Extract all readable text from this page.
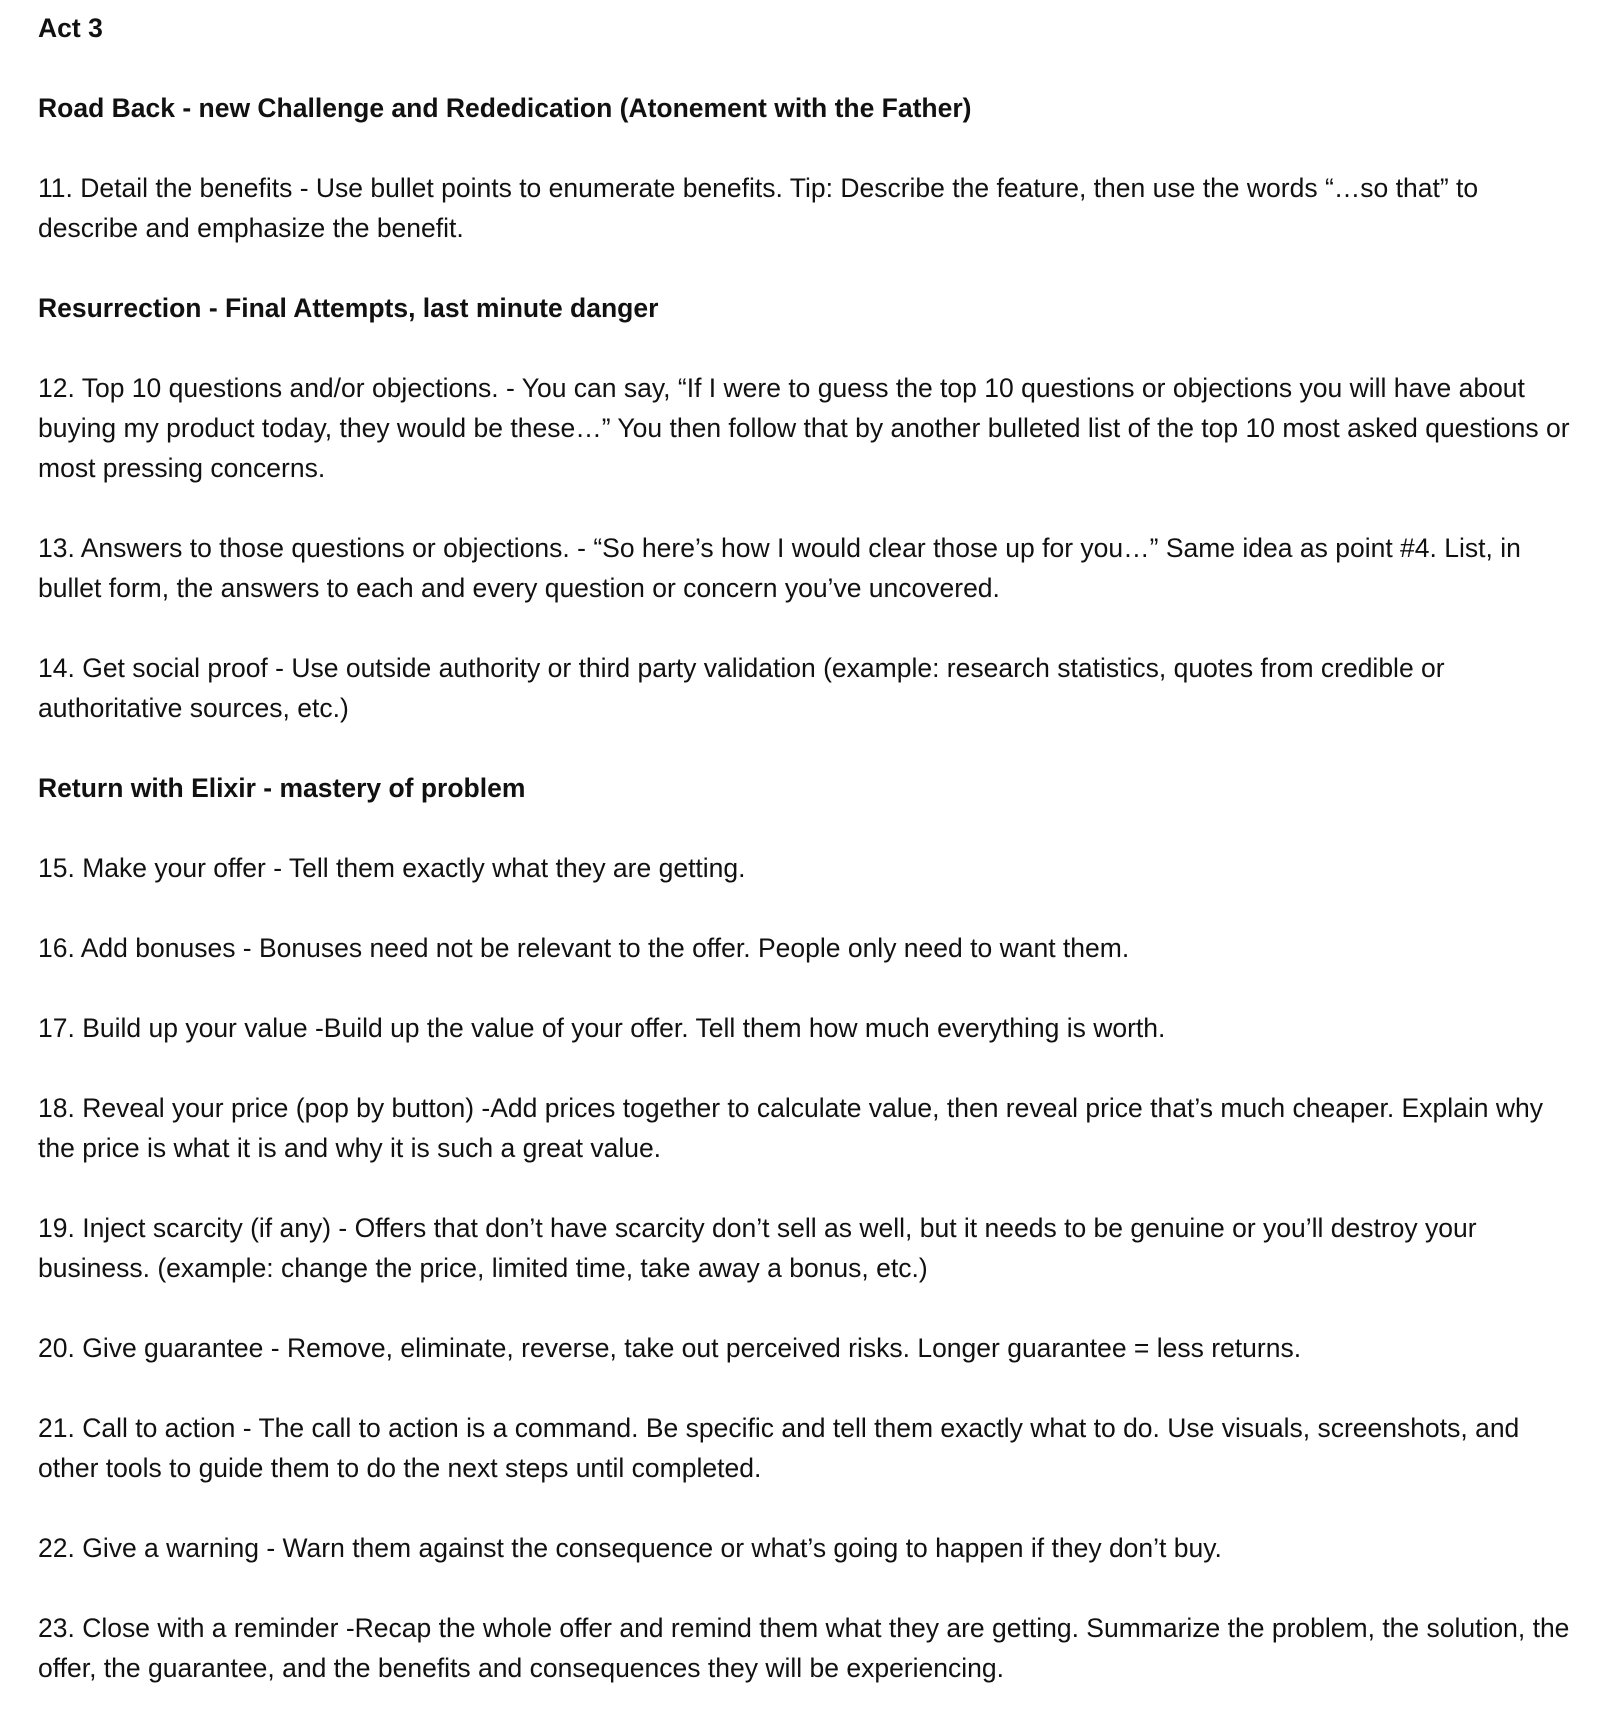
Act 3

Road Back - new Challenge and Rededication (Atonement with the Father)

11. Detail the benefits - Use bullet points to enumerate benefits. Tip: Describe the feature, then use the words “…so that” to describe and emphasize the benefit.

Resurrection - Final Attempts, last minute danger

12. Top 10 questions and/or objections. - You can say, “If I were to guess the top 10 questions or objections you will have about buying my product today, they would be these…” You then follow that by another bulleted list of the top 10 most asked questions or most pressing concerns.

13. Answers to those questions or objections. - “So here’s how I would clear those up for you…” Same idea as point #4. List, in bullet form, the answers to each and every question or concern you’ve uncovered.

14. Get social proof - Use outside authority or third party validation (example: research statistics, quotes from credible or authoritative sources, etc.)

Return with Elixir - mastery of problem

15. Make your offer - Tell them exactly what they are getting.

16. Add bonuses - Bonuses need not be relevant to the offer. People only need to want them.

17. Build up your value -Build up the value of your offer. Tell them how much everything is worth.

18. Reveal your price (pop by button) -Add prices together to calculate value, then reveal price that’s much cheaper. Explain why the price is what it is and why it is such a great value.

19. Inject scarcity (if any) - Offers that don’t have scarcity don’t sell as well, but it needs to be genuine or you’ll destroy your business. (example: change the price, limited time, take away a bonus, etc.)

20. Give guarantee - Remove, eliminate, reverse, take out perceived risks. Longer guarantee = less returns.

21. Call to action - The call to action is a command. Be specific and tell them exactly what to do. Use visuals, screenshots, and other tools to guide them to do the next steps until completed.

22. Give a warning - Warn them against the consequence or what’s going to happen if they don’t buy.

23. Close with a reminder -Recap the whole offer and remind them what they are getting. Summarize the problem, the solution, the offer, the guarantee, and the benefits and consequences they will be experiencing.
